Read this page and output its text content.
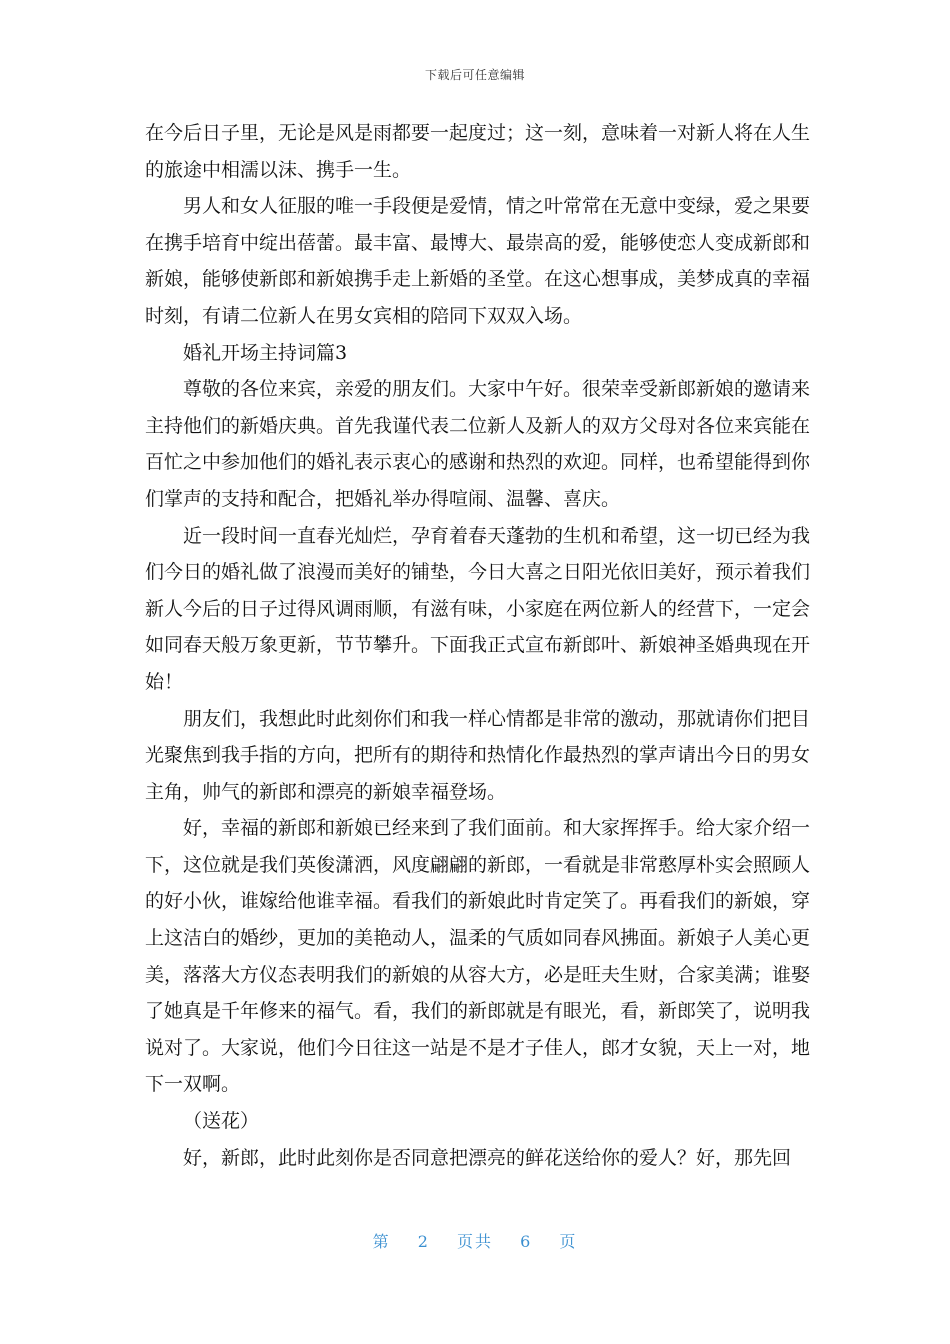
下载后可任意编辑

在今后日子里，无论是风是雨都要一起度过；这一刻，意味着一对新人将在人生的旅途中相濡以沫、携手一生。

男人和女人征服的唯一手段便是爱情，情之叶常常在无意中变绿，爱之果要在携手培育中绽出蓓蕾。最丰富、最博大、最崇高的爱，能够使恋人变成新郎和新娘，能够使新郎和新娘携手走上新婚的圣堂。在这心想事成，美梦成真的幸福时刻，有请二位新人在男女宾相的陪同下双双入场。

婚礼开场主持词篇3

尊敬的各位来宾，亲爱的朋友们。大家中午好。很荣幸受新郎新娘的邀请来主持他们的新婚庆典。首先我谨代表二位新人及新人的双方父母对各位来宾能在百忙之中参加他们的婚礼表示衷心的感谢和热烈的欢迎。同样，也希望能得到你们掌声的支持和配合，把婚礼举办得喧闹、温馨、喜庆。

近一段时间一直春光灿烂，孕育着春天蓬勃的生机和希望，这一切已经为我们今日的婚礼做了浪漫而美好的铺垫，今日大喜之日阳光依旧美好，预示着我们新人今后的日子过得风调雨顺，有滋有味，小家庭在两位新人的经营下，一定会如同春天般万象更新，节节攀升。下面我正式宣布新郎叶、新娘神圣婚典现在开始！

朋友们，我想此时此刻你们和我一样心情都是非常的激动，那就请你们把目光聚焦到我手指的方向，把所有的期待和热情化作最热烈的掌声请出今日的男女主角，帅气的新郎和漂亮的新娘幸福登场。

好，幸福的新郎和新娘已经来到了我们面前。和大家挥挥手。给大家介绍一下，这位就是我们英俊潇洒，风度翩翩的新郎，一看就是非常憨厚朴实会照顾人的好小伙，谁嫁给他谁幸福。看我们的新娘此时肯定笑了。再看我们的新娘，穿上这洁白的婚纱，更加的美艳动人，温柔的气质如同春风拂面。新娘子人美心更美，落落大方仪态表明我们的新娘的从容大方，必是旺夫生财，合家美满；谁娶了她真是千年修来的福气。看，我们的新郎就是有眼光，看，新郎笑了，说明我说对了。大家说，他们今日往这一站是不是才子佳人，郎才女貌，天上一对，地下一双啊。

（送花）

好，新郎，此时此刻你是否同意把漂亮的鲜花送给你的爱人？好，那先回

第 2 页共 6 页
